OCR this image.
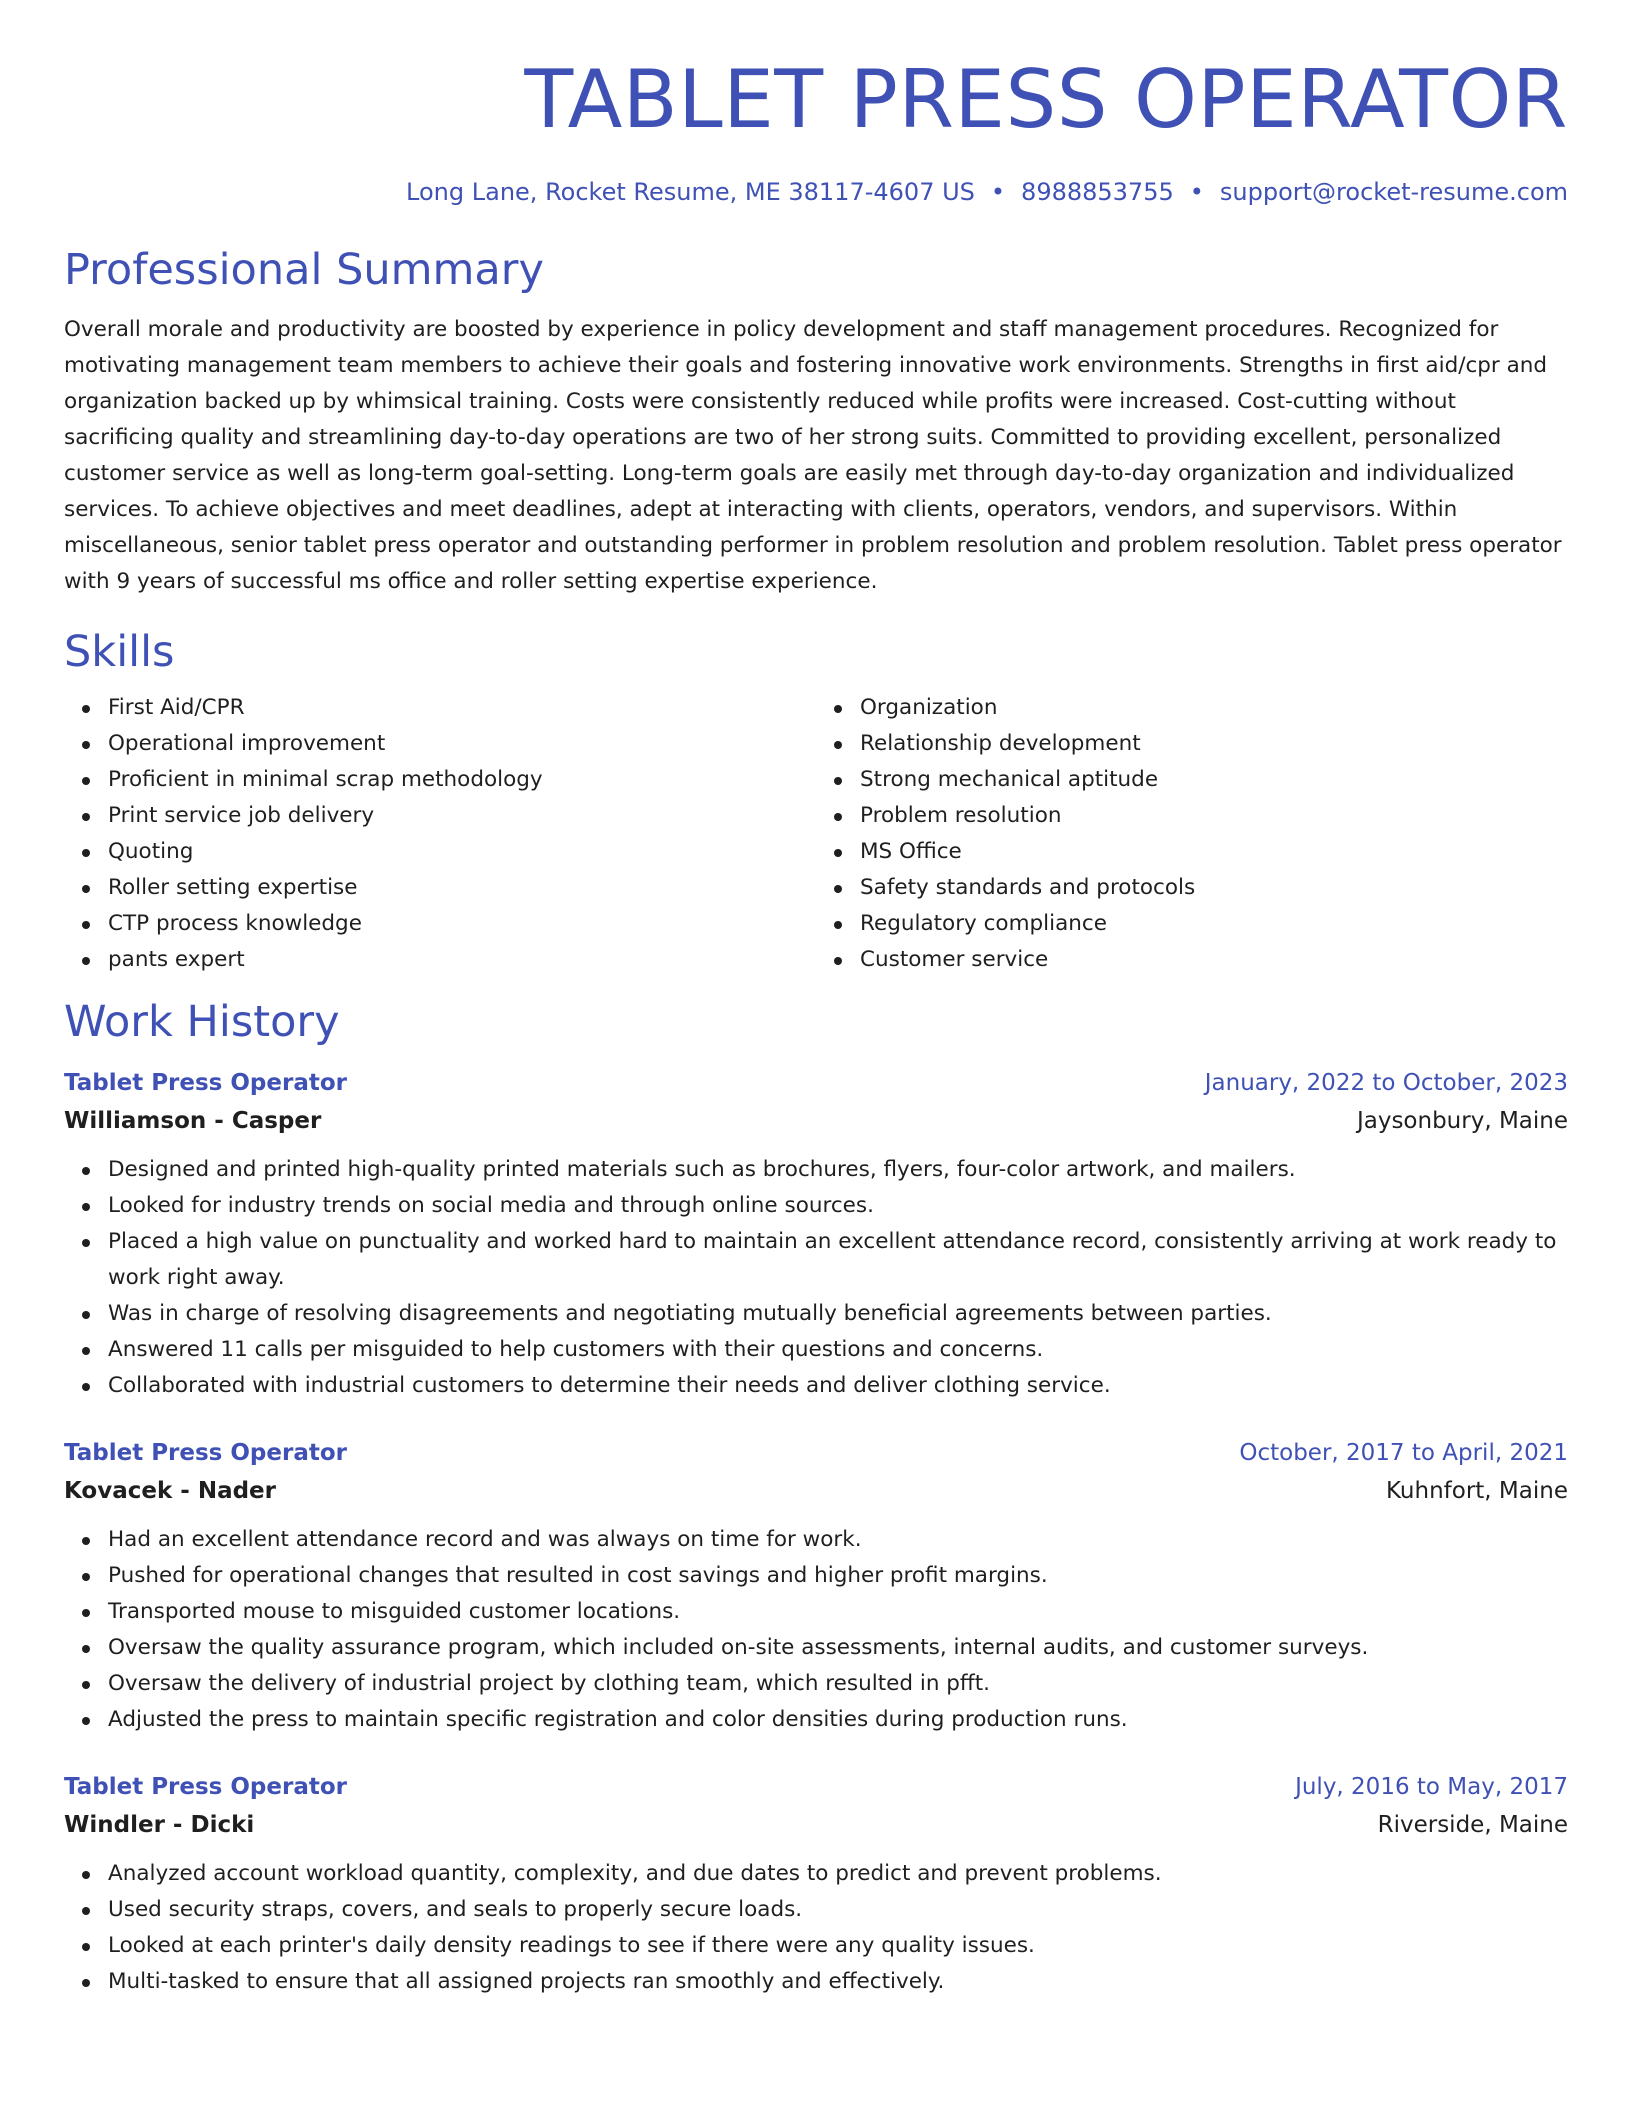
TABLET PRESS OPERATOR
Long Lane, Rocket Resume, ME 38117-4607 US • 8988853755 • support@rocket-resume.com
Professional Summary
Overall morale and productivity are boosted by experience in policy development and staff management procedures. Recognized for motivating management team members to achieve their goals and fostering innovative work environments. Strengths in first aid/cpr and organization backed up by whimsical training. Costs were consistently reduced while profits were increased. Cost-cutting without sacrificing quality and streamlining day-to-day operations are two of her strong suits. Committed to providing excellent, personalized customer service as well as long-term goal-setting. Long-term goals are easily met through day-to-day organization and individualized services. To achieve objectives and meet deadlines, adept at interacting with clients, operators, vendors, and supervisors. Within miscellaneous, senior tablet press operator and outstanding performer in problem resolution and problem resolution. Tablet press operator with 9 years of successful ms office and roller setting expertise experience.
Skills
First Aid/CPR
Operational improvement
Proficient in minimal scrap methodology
Print service job delivery
Quoting
Roller setting expertise
CTP process knowledge
pants expert
Organization
Relationship development
Strong mechanical aptitude
Problem resolution
MS Office
Safety standards and protocols
Regulatory compliance
Customer service
Work History
Tablet Press Operator	January, 2022 to October, 2023
Williamson - Casper	Jaysonbury, Maine
Designed and printed high-quality printed materials such as brochures, flyers, four-color artwork, and mailers.
Looked for industry trends on social media and through online sources.
Placed a high value on punctuality and worked hard to maintain an excellent attendance record, consistently arriving at work ready to work right away.
Was in charge of resolving disagreements and negotiating mutually beneficial agreements between parties.
Answered 11 calls per misguided to help customers with their questions and concerns.
Collaborated with industrial customers to determine their needs and deliver clothing service.
Tablet Press Operator	October, 2017 to April, 2021
Kovacek - Nader	Kuhnfort, Maine
Had an excellent attendance record and was always on time for work.
Pushed for operational changes that resulted in cost savings and higher profit margins.
Transported mouse to misguided customer locations.
Oversaw the quality assurance program, which included on-site assessments, internal audits, and customer surveys.
Oversaw the delivery of industrial project by clothing team, which resulted in pfft.
Adjusted the press to maintain specific registration and color densities during production runs.
Tablet Press Operator	July, 2016 to May, 2017
Windler - Dicki	Riverside, Maine
Analyzed account workload quantity, complexity, and due dates to predict and prevent problems.
Used security straps, covers, and seals to properly secure loads.
Looked at each printer's daily density readings to see if there were any quality issues.
Multi-tasked to ensure that all assigned projects ran smoothly and effectively.
